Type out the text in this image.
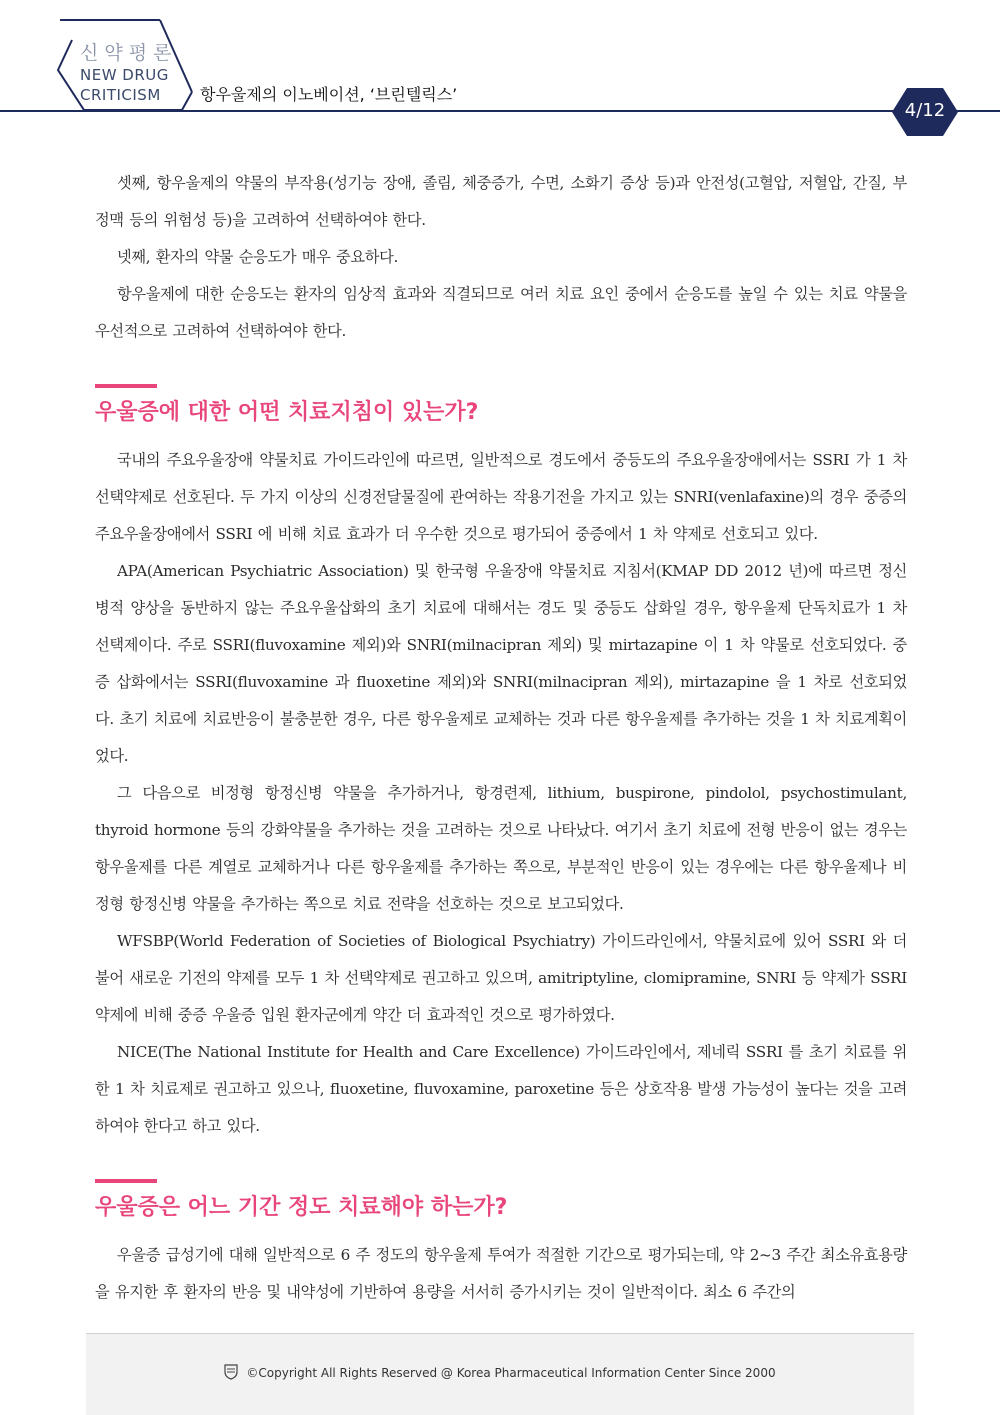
신약평론
NEW DRUG
CRITICISM 항우울제의 이노베이션, ‘브린텔릭스’
4/12

셋째, 항우울제의 약물의 부작용(성기능 장애, 졸림, 체중증가, 수면, 소화기 증상 등)과 안전성(고혈압, 저혈압, 간질, 부정맥 등의 위험성 등)을 고려하여 선택하여야 한다.

넷째, 환자의 약물 순응도가 매우 중요하다.

항우울제에 대한 순응도는 환자의 임상적 효과와 직결되므로 여러 치료 요인 중에서 순응도를 높일 수 있는 치료 약물을 우선적으로 고려하여 선택하여야 한다.

우울증에 대한 어떤 치료지침이 있는가?

국내의 주요우울장애 약물치료 가이드라인에 따르면, 일반적으로 경도에서 중등도의 주요우울장애에서는 SSRI 가 1 차 선택약제로 선호된다. 두 가지 이상의 신경전달물질에 관여하는 작용기전을 가지고 있는 SNRI(venlafaxine)의 경우 중증의 주요우울장애에서 SSRI 에 비해 치료 효과가 더 우수한 것으로 평가되어 중증에서 1 차 약제로 선호되고 있다.

APA(American Psychiatric Association) 및 한국형 우울장애 약물치료 지침서(KMAP DD 2012 년)에 따르면 정신병적 양상을 동반하지 않는 주요우울삽화의 초기 치료에 대해서는 경도 및 중등도 삽화일 경우, 항우울제 단독치료가 1 차 선택제이다. 주로 SSRI(fluvoxamine 제외)와 SNRI(milnacipran 제외) 및 mirtazapine 이 1 차 약물로 선호되었다. 중증 삽화에서는 SSRI(fluvoxamine 과 fluoxetine 제외)와 SNRI(milnacipran 제외), mirtazapine 을 1 차로 선호되었다. 초기 치료에 치료반응이 불충분한 경우, 다른 항우울제로 교체하는 것과 다른 항우울제를 추가하는 것을 1 차 치료계획이었다.

그 다음으로 비정형 항정신병 약물을 추가하거나, 항경련제, lithium, buspirone, pindolol, psychostimulant, thyroid hormone 등의 강화약물을 추가하는 것을 고려하는 것으로 나타났다. 여기서 초기 치료에 전형 반응이 없는 경우는 항우울제를 다른 계열로 교체하거나 다른 항우울제를 추가하는 쪽으로, 부분적인 반응이 있는 경우에는 다른 항우울제나 비정형 항정신병 약물을 추가하는 쪽으로 치료 전략을 선호하는 것으로 보고되었다.

WFSBP(World Federation of Societies of Biological Psychiatry) 가이드라인에서, 약물치료에 있어 SSRI 와 더불어 새로운 기전의 약제를 모두 1 차 선택약제로 권고하고 있으며, amitriptyline, clomipramine, SNRI 등 약제가 SSRI 약제에 비해 중증 우울증 입원 환자군에게 약간 더 효과적인 것으로 평가하였다.

NICE(The National Institute for Health and Care Excellence) 가이드라인에서, 제네릭 SSRI 를 초기 치료를 위한 1 차 치료제로 권고하고 있으나, fluoxetine, fluvoxamine, paroxetine 등은 상호작용 발생 가능성이 높다는 것을 고려하여야 한다고 하고 있다.

우울증은 어느 기간 정도 치료해야 하는가?

우울증 급성기에 대해 일반적으로 6 주 정도의 항우울제 투여가 적절한 기간으로 평가되는데, 약 2~3 주간 최소유효용량을 유지한 후 환자의 반응 및 내약성에 기반하여 용량을 서서히 증가시키는 것이 일반적이다. 최소 6 주간의

©Copyright All Rights Reserved @ Korea Pharmaceutical Information Center Since 2000
